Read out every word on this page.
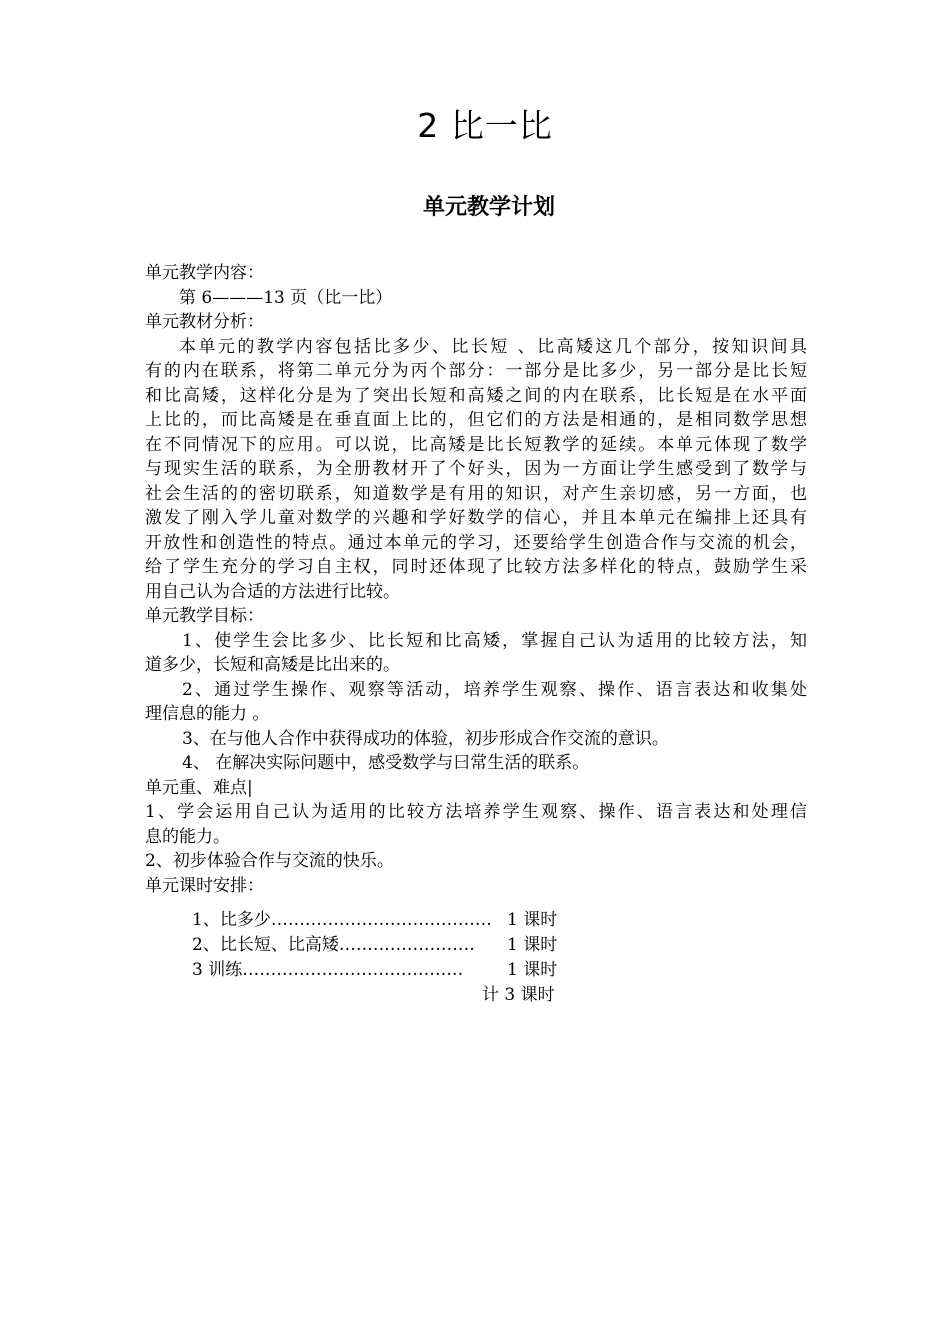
2 比一比
单元教学计划
单元教学内容：
第 6———13 页（比一比）
单元教材分析：
本单元的教学内容包括比多少、比长短 、比高矮这几个部分，按知识间具
有的内在联系，将第二单元分为丙个部分：一部分是比多少，另一部分是比长短
和比高矮，这样化分是为了突出长短和高矮之间的内在联系，比长短是在水平面
上比的，而比高矮是在垂直面上比的，但它们的方法是相通的，是相同数学思想
在不同情况下的应用。可以说，比高矮是比长短教学的延续。本单元体现了数学
与现实生活的联系，为全册教材开了个好头，因为一方面让学生感受到了数学与
社会生活的的密切联系，知道数学是有用的知识，对产生亲切感，另一方面，也
激发了刚入学儿童对数学的兴趣和学好数学的信心，并且本单元在编排上还具有
开放性和创造性的特点。通过本单元的学习，还要给学生创造合作与交流的机会，
给了学生充分的学习自主权，同时还体现了比较方法多样化的特点，鼓励学生采
用自己认为合适的方法进行比较。
单元教学目标：
1、使学生会比多少、比长短和比高矮，掌握自己认为适用的比较方法，知
道多少，长短和高矮是比出来的。
2、通过学生操作、观察等活动，培养学生观察、操作、语言表达和收集处
理信息的能力 。
3、在与他人合作中获得成功的体验，初步形成合作交流的意识。
4、 在解决实际问题中，感受数学与曰常生活的联系。
单元重、难点|
1、学会运用自己认为适用的比较方法培养学生观察、操作、语言表达和处理信
息的能力。
2、初步体验合作与交流的快乐。
单元课时安排：
1、比多少………………………………… 1 课时
2、比长短、比高矮…………………… 1 课时
3 训练…………………………………	1 课时
计 3 课时
